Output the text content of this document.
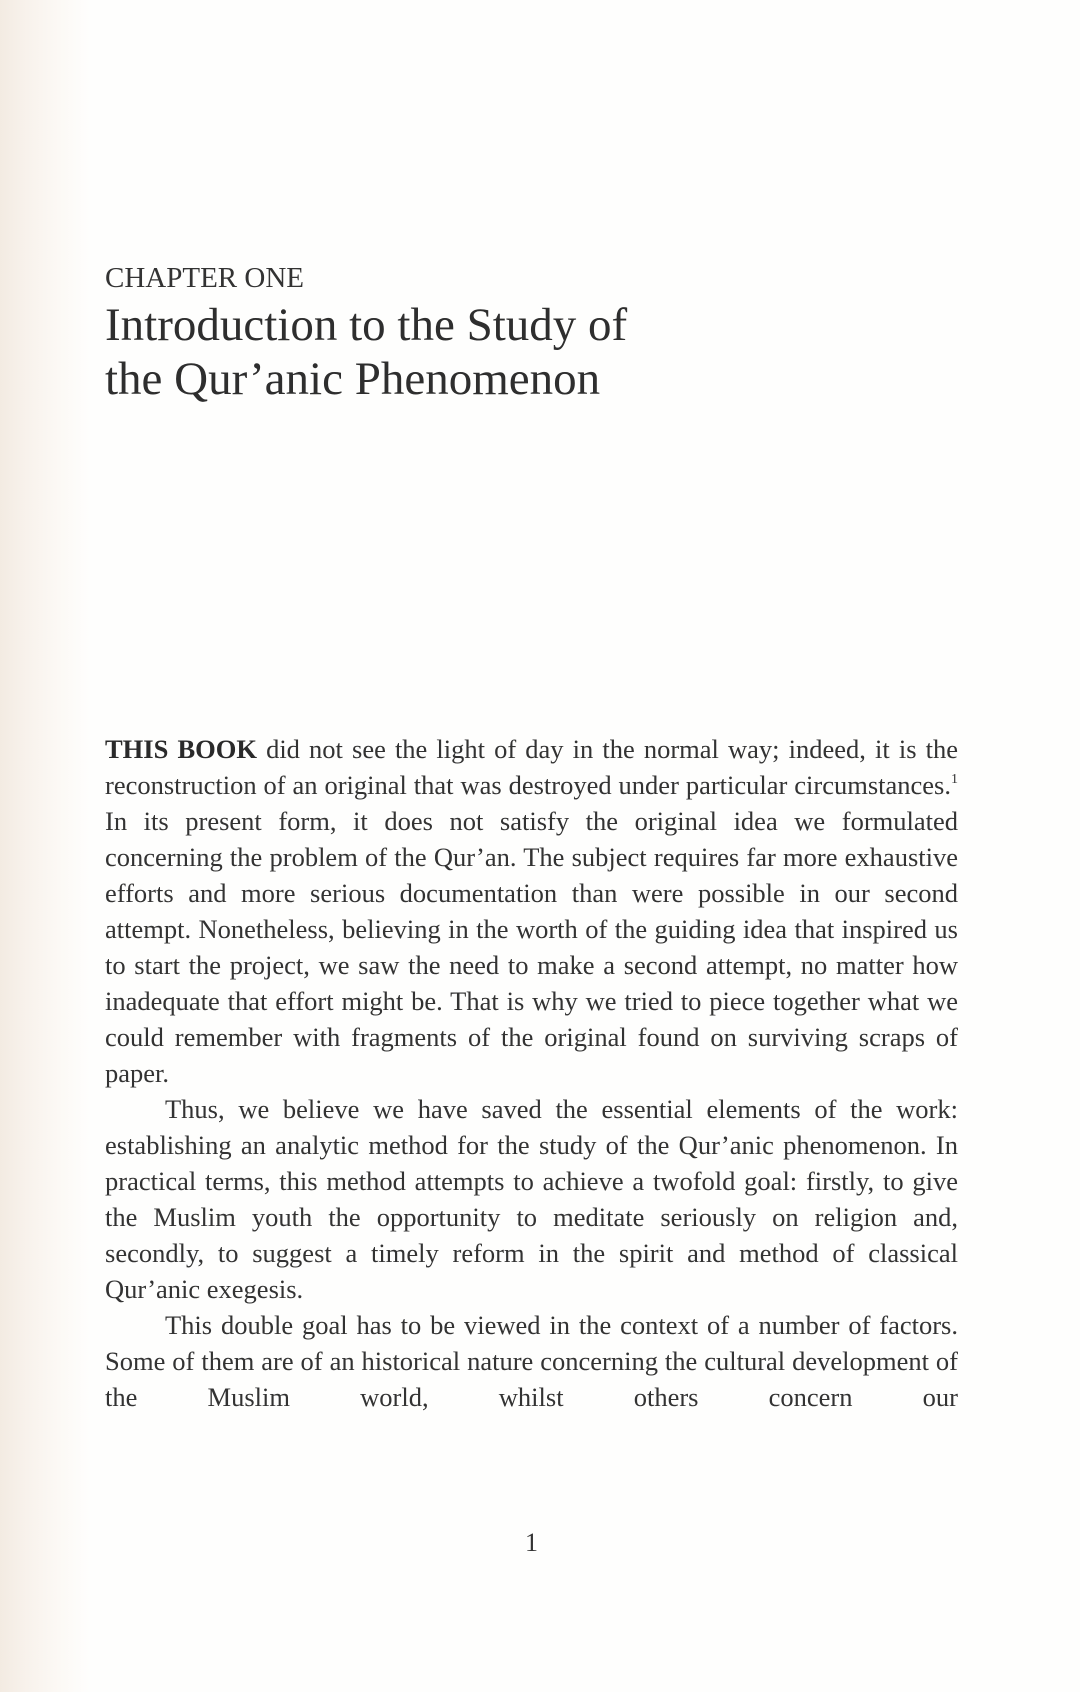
CHAPTER ONE
Introduction to the Study of
the Qur’anic Phenomenon

THIS BOOK did not see the light of day in the normal way; indeed, it is the reconstruction of an original that was destroyed under particular circumstances.$^1$ In its present form, it does not satisfy the original idea we formulated concerning the problem of the Qur’an. The subject requires far more exhaustive efforts and more serious documentation than were possible in our second attempt. Nonetheless, believing in the worth of the guiding idea that inspired us to start the project, we saw the need to make a second attempt, no matter how inadequate that effort might be. That is why we tried to piece together what we could remember with fragments of the original found on surviving scraps of paper.

Thus, we believe we have saved the essential elements of the work: establishing an analytic method for the study of the Qur’anic phenomenon. In practical terms, this method attempts to achieve a twofold goal: firstly, to give the Muslim youth the opportunity to meditate seriously on religion and, secondly, to suggest a timely reform in the spirit and method of classical Qur’anic exegesis.

This double goal has to be viewed in the context of a number of factors. Some of them are of an historical nature concerning the cultural development of the Muslim world, whilst others concern our

1
